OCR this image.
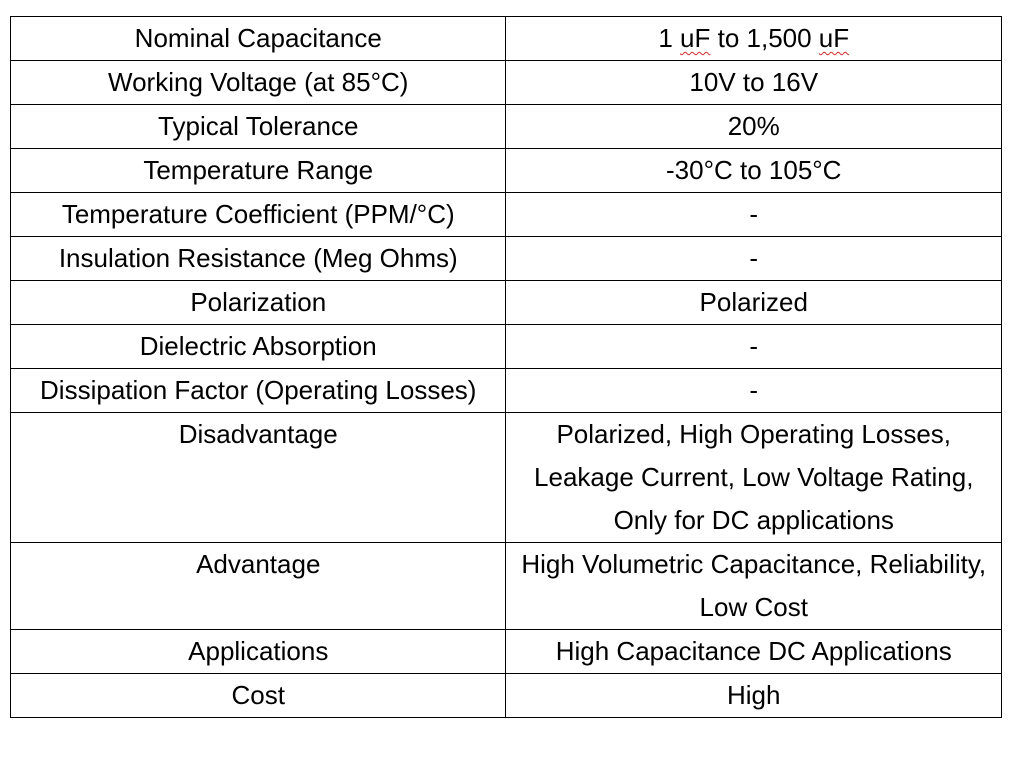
Nominal Capacitance	1 uF to 1,500 uF
Working Voltage (at 85°C)	10V to 16V
Typical Tolerance	20%
Temperature Range	-30°C to 105°C
Temperature Coefficient (PPM/°C)	-
Insulation Resistance (Meg Ohms)	-
Polarization	Polarized
Dielectric Absorption	-
Dissipation Factor (Operating Losses)	-
Disadvantage	Polarized, High Operating Losses, Leakage Current, Low Voltage Rating, Only for DC applications
Advantage	High Volumetric Capacitance, Reliability, Low Cost
Applications	High Capacitance DC Applications
Cost	High
